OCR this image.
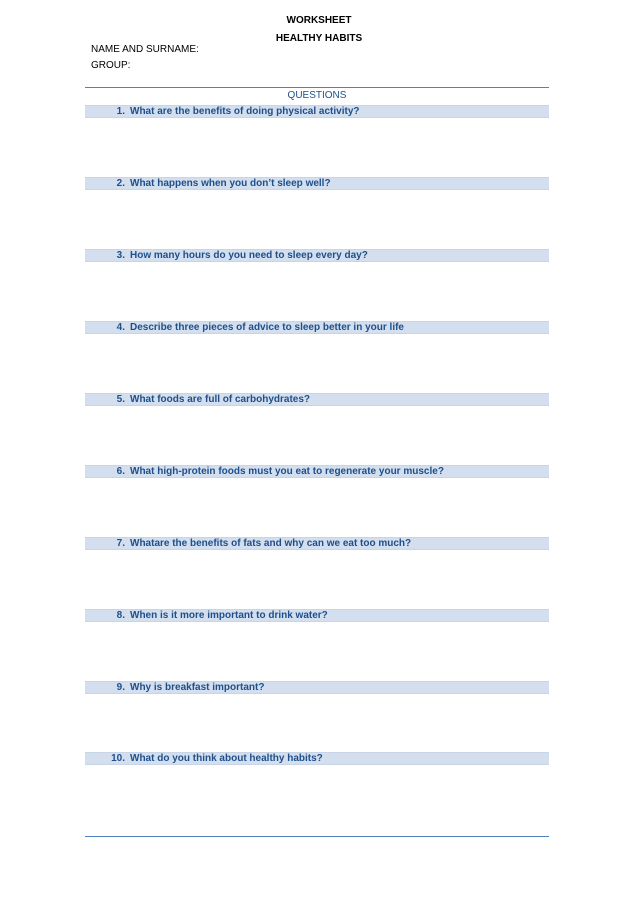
WORKSHEET
HEALTHY HABITS
NAME AND SURNAME:
GROUP:
QUESTIONS
1. What are the benefits of doing physical activity?
2. What happens when you don’t sleep well?
3. How many hours do you need to sleep every day?
4. Describe three pieces of advice to sleep better in your life
5. What foods are full of carbohydrates?
6. What high-protein foods must you eat to regenerate your muscle?
7. Whatare the benefits of fats and why can we eat too much?
8. When is it more important to drink water?
9. Why is breakfast important?
10. What do you think about healthy habits?
